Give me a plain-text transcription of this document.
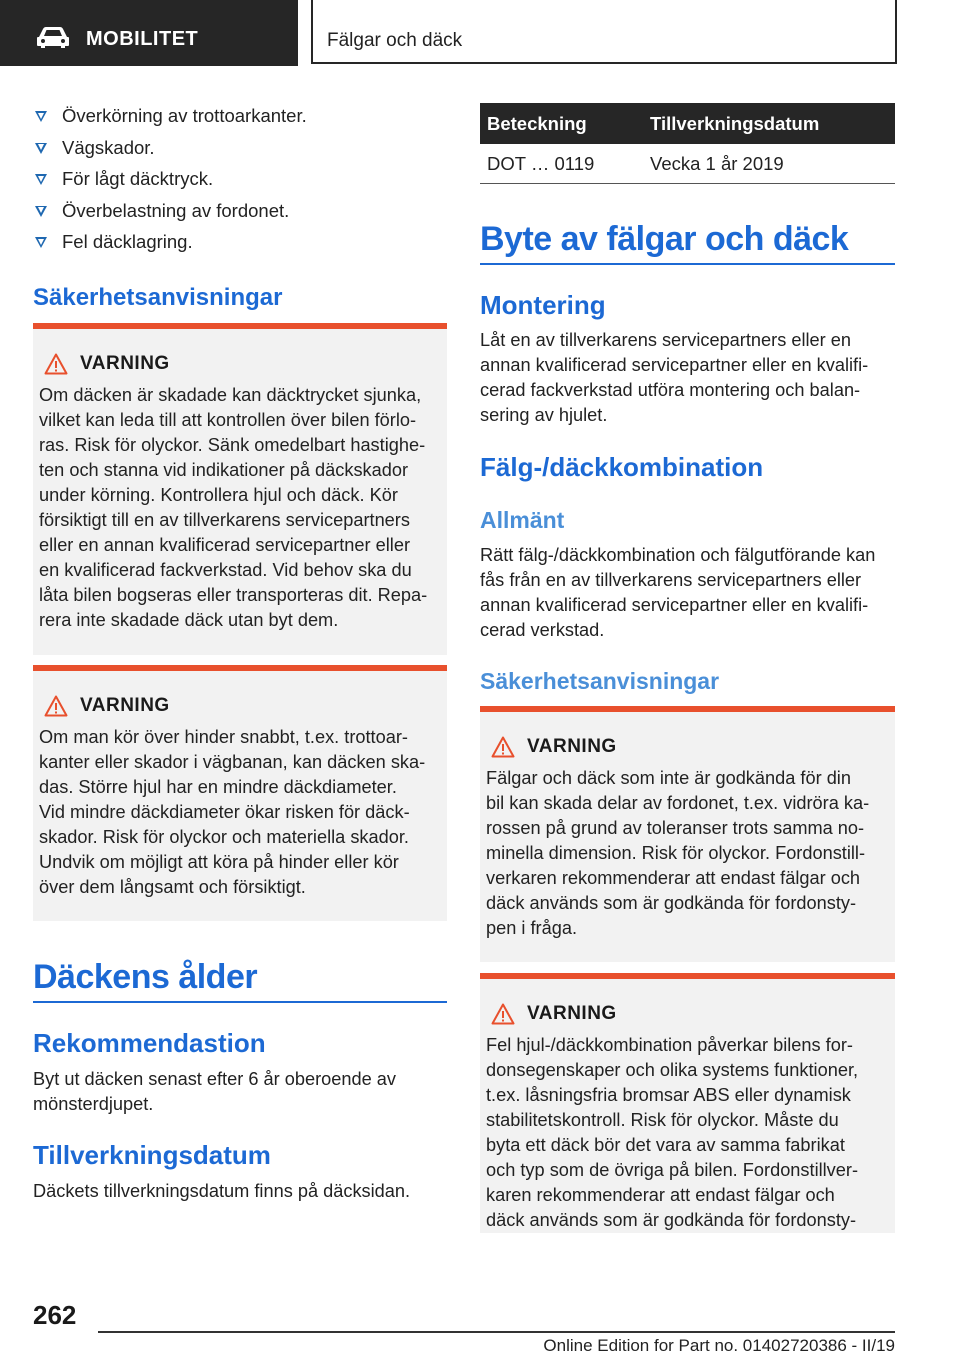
MOBILITET	Fälgar och däck
Överkörning av trottoarkanter.
Vägskador.
För lågt däcktryck.
Överbelastning av fordonet.
Fel däcklagring.
Säkerhetsanvisningar
VARNING

Om däcken är skadade kan däcktrycket sjunka,
vilket kan leda till att kontrollen över bilen förlo-
ras. Risk för olyckor. Sänk omedelbart hastighe-
ten och stanna vid indikationer på däckskador
under körning. Kontrollera hjul och däck. Kör
försiktigt till en av tillverkarens servicepartners
eller en annan kvalificerad servicepartner eller
en kvalificerad fackverkstad. Vid behov ska du
låta bilen bogseras eller transporteras dit. Repa-
rera inte skadade däck utan byt dem.

VARNING

Om man kör över hinder snabbt, t.ex. trottoar-
kanter eller skador i vägbanan, kan däcken ska-
das. Större hjul har en mindre däckdiameter.
Vid mindre däckdiameter ökar risken för däck-
skador. Risk för olyckor och materiella skador.
Undvik om möjligt att köra på hinder eller kör
över dem långsamt och försiktigt.

Däckens ålder
Rekommendastion

Byt ut däcken senast efter 6 år oberoende av
mönsterdjupet.

Tillverkningsdatum

Däckets tillverkningsdatum finns på däcksidan.

Beteckning	Tillverkningsdatum
DOT … 0119	Vecka 1 år 2019
Byte av fälgar och däck
Montering

Låt en av tillverkarens servicepartners eller en
annan kvalificerad servicepartner eller en kvalifi-
cerad fackverkstad utföra montering och balan-
sering av hjulet.

Fälg-/däckkombination
Allmänt

Rätt fälg-/däckkombination och fälgutförande kan
fås från en av tillverkarens servicepartners eller
annan kvalificerad servicepartner eller en kvalifi-
cerad verkstad.

Säkerhetsanvisningar
VARNING

Fälgar och däck som inte är godkända för din
bil kan skada delar av fordonet, t.ex. vidröra ka-
rossen på grund av toleranser trots samma no-
minella dimension. Risk för olyckor. Fordonstill-
verkaren rekommenderar att endast fälgar och
däck används som är godkända för fordonsty-
pen i fråga.

VARNING

Fel hjul-/däckkombination påverkar bilens for-
donsegenskaper och olika systems funktioner,
t.ex. låsningsfria bromsar ABS eller dynamisk
stabilitetskontroll. Risk för olyckor. Måste du
byta ett däck bör det vara av samma fabrikat
och typ som de övriga på bilen. Fordonstillver-
karen rekommenderar att endast fälgar och
däck används som är godkända för fordonsty-

262
Online Edition for Part no. 01402720386 - II/19
